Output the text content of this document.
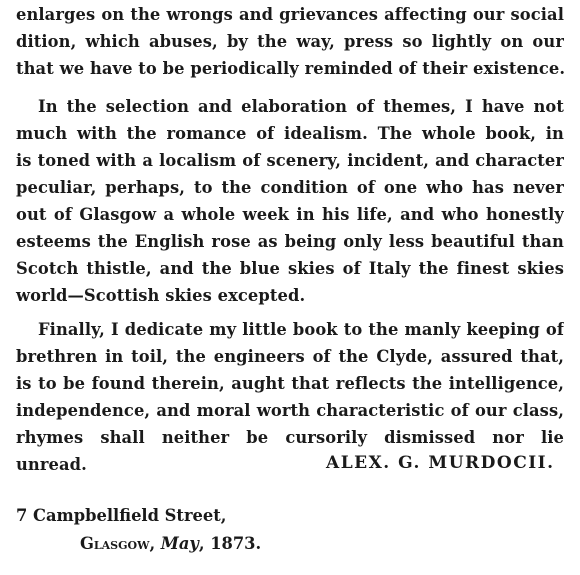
enlarges on the wrongs and grievances affecting our social
dition, which abuses, by the way, press so lightly on our
that we have to be periodically reminded of their existence.
In the selection and elaboration of themes, I have not
much with the romance of idealism. The whole book, in
is toned with a localism of scenery, incident, and character
peculiar, perhaps, to the condition of one who has never
out of Glasgow a whole week in his life, and who honestly
esteems the English rose as being only less beautiful than
Scotch thistle, and the blue skies of Italy the finest skies
world—Scottish skies excepted.
Finally, I dedicate my little book to the manly keeping of
brethren in toil, the engineers of the Clyde, assured that,
is to be found therein, aught that reflects the intelligence,
independence, and moral worth characteristic of our class,
rhymes shall neither be cursorily dismissed nor lie
unread.	ALEX. G. MURDOCII.
7 Campbellfield Street,
Glasgow, May, 1873.
